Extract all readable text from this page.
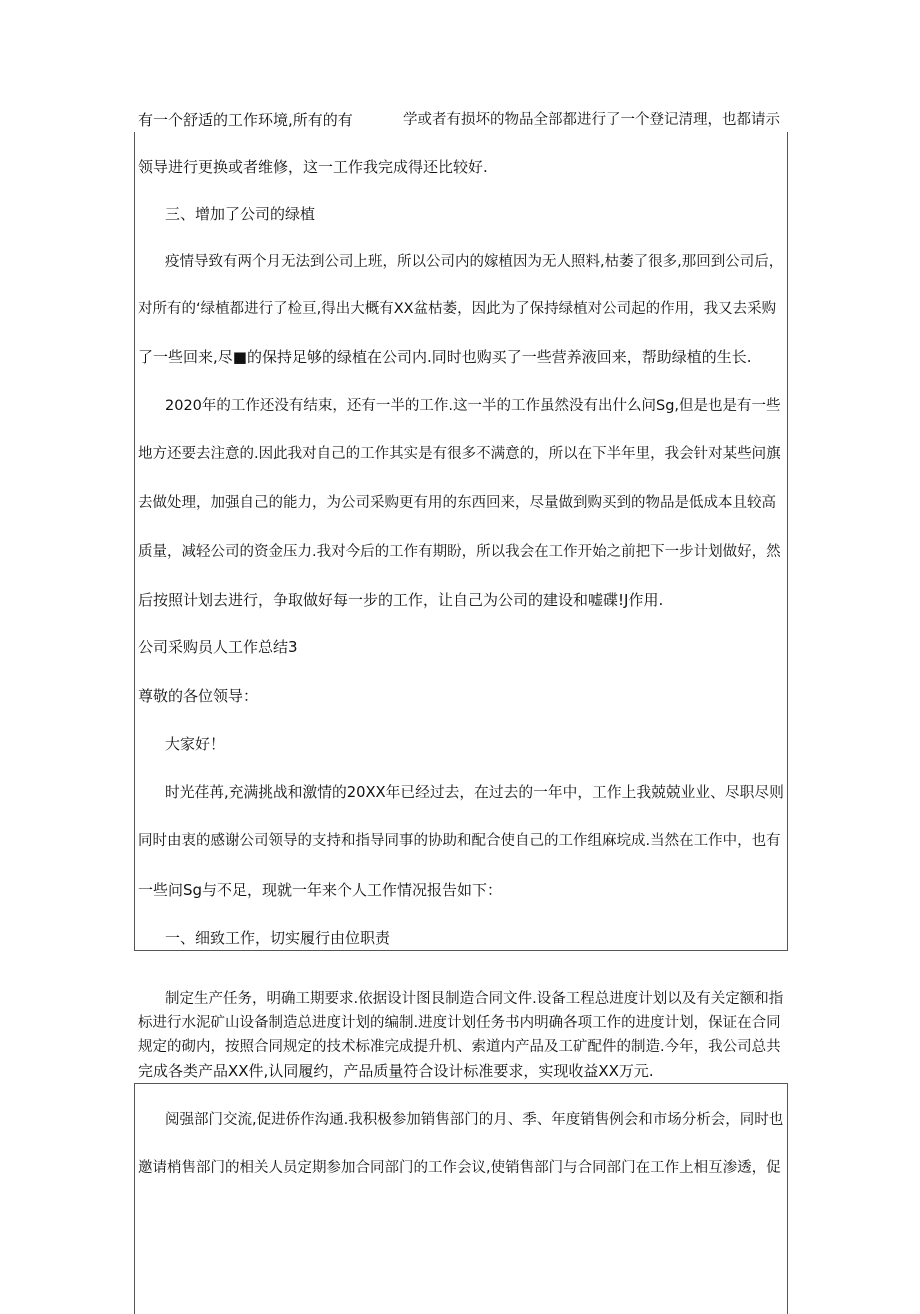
有一个舒适的工作环境,所有的有	学或者有损坏的物品全部都进行了一个登记清理，也都请示
领导进行更换或者维修，这一工作我完成得还比较好.
三、增加了公司的绿植
疫情导致有两个月无法到公司上班，所以公司内的嫁植因为无人照料,枯萎了很多,那回到公司后，
对所有的‘绿植都进行了检亘,得出大概有XX盆枯萎，因此为了保持绿植对公司起的作用，我又去采购
了一些回来,尽■的保持足够的绿植在公司内.同时也购买了一些营养液回来，帮助绿植的生长.
2020年的工作还没有结束，还有一半的工作.这一半的工作虽然没有出什么问Sg,但是也是有一些
地方还要去注意的.因此我对自己的工作其实是有很多不满意的，所以在下半年里，我会针对某些问旗
去做处理，加强自己的能力，为公司采购更有用的东西回来，尽量做到购买到的物品是低成本且较高
质量，减轻公司的资金压力.我对今后的工作有期盼，所以我会在工作开始之前把下一步计划做好，然
后按照计划去进行，争取做好每一步的工作，让自己为公司的建设和嘘碟!J作用.
公司采购员人工作总结3
尊敬的各位领导：
大家好！
时光荏苒,充满挑战和激情的20XX年已经过去，在过去的一年中，工作上我兢兢业业、尽职尽则
同时由衷的感谢公司领导的支持和指导同事的协助和配合使自己的工作组麻垸成.当然在工作中，也有
一些问Sg与不足，现就一年来个人工作情况报告如下：
一、细致工作，切实履行由位职责
制定生产任务，明确工期要求.依据设计图艮制造合同文件.设备工程总进度计划以及有关定额和指
标进行水泥矿山设备制造总进度计划的编制.进度计划任务书内明确各项工作的进度计划，保证在合同
规定的砌内，按照合同规定的技术标准完成提升机、索道内产品及工矿配件的制造.今年，我公司总共
完成各类产品XX件,认同履约，产品质量符合设计标准要求，实现收益XX万元.
阅强部门交流,促进侨作沟通.我积极参加销售部门的月、季、年度销售例会和市场分析会，同时也
邀请梢售部门的相关人员定期参加合同部门的工作会议,使销售部门与合同部门在工作上相互渗透，促
